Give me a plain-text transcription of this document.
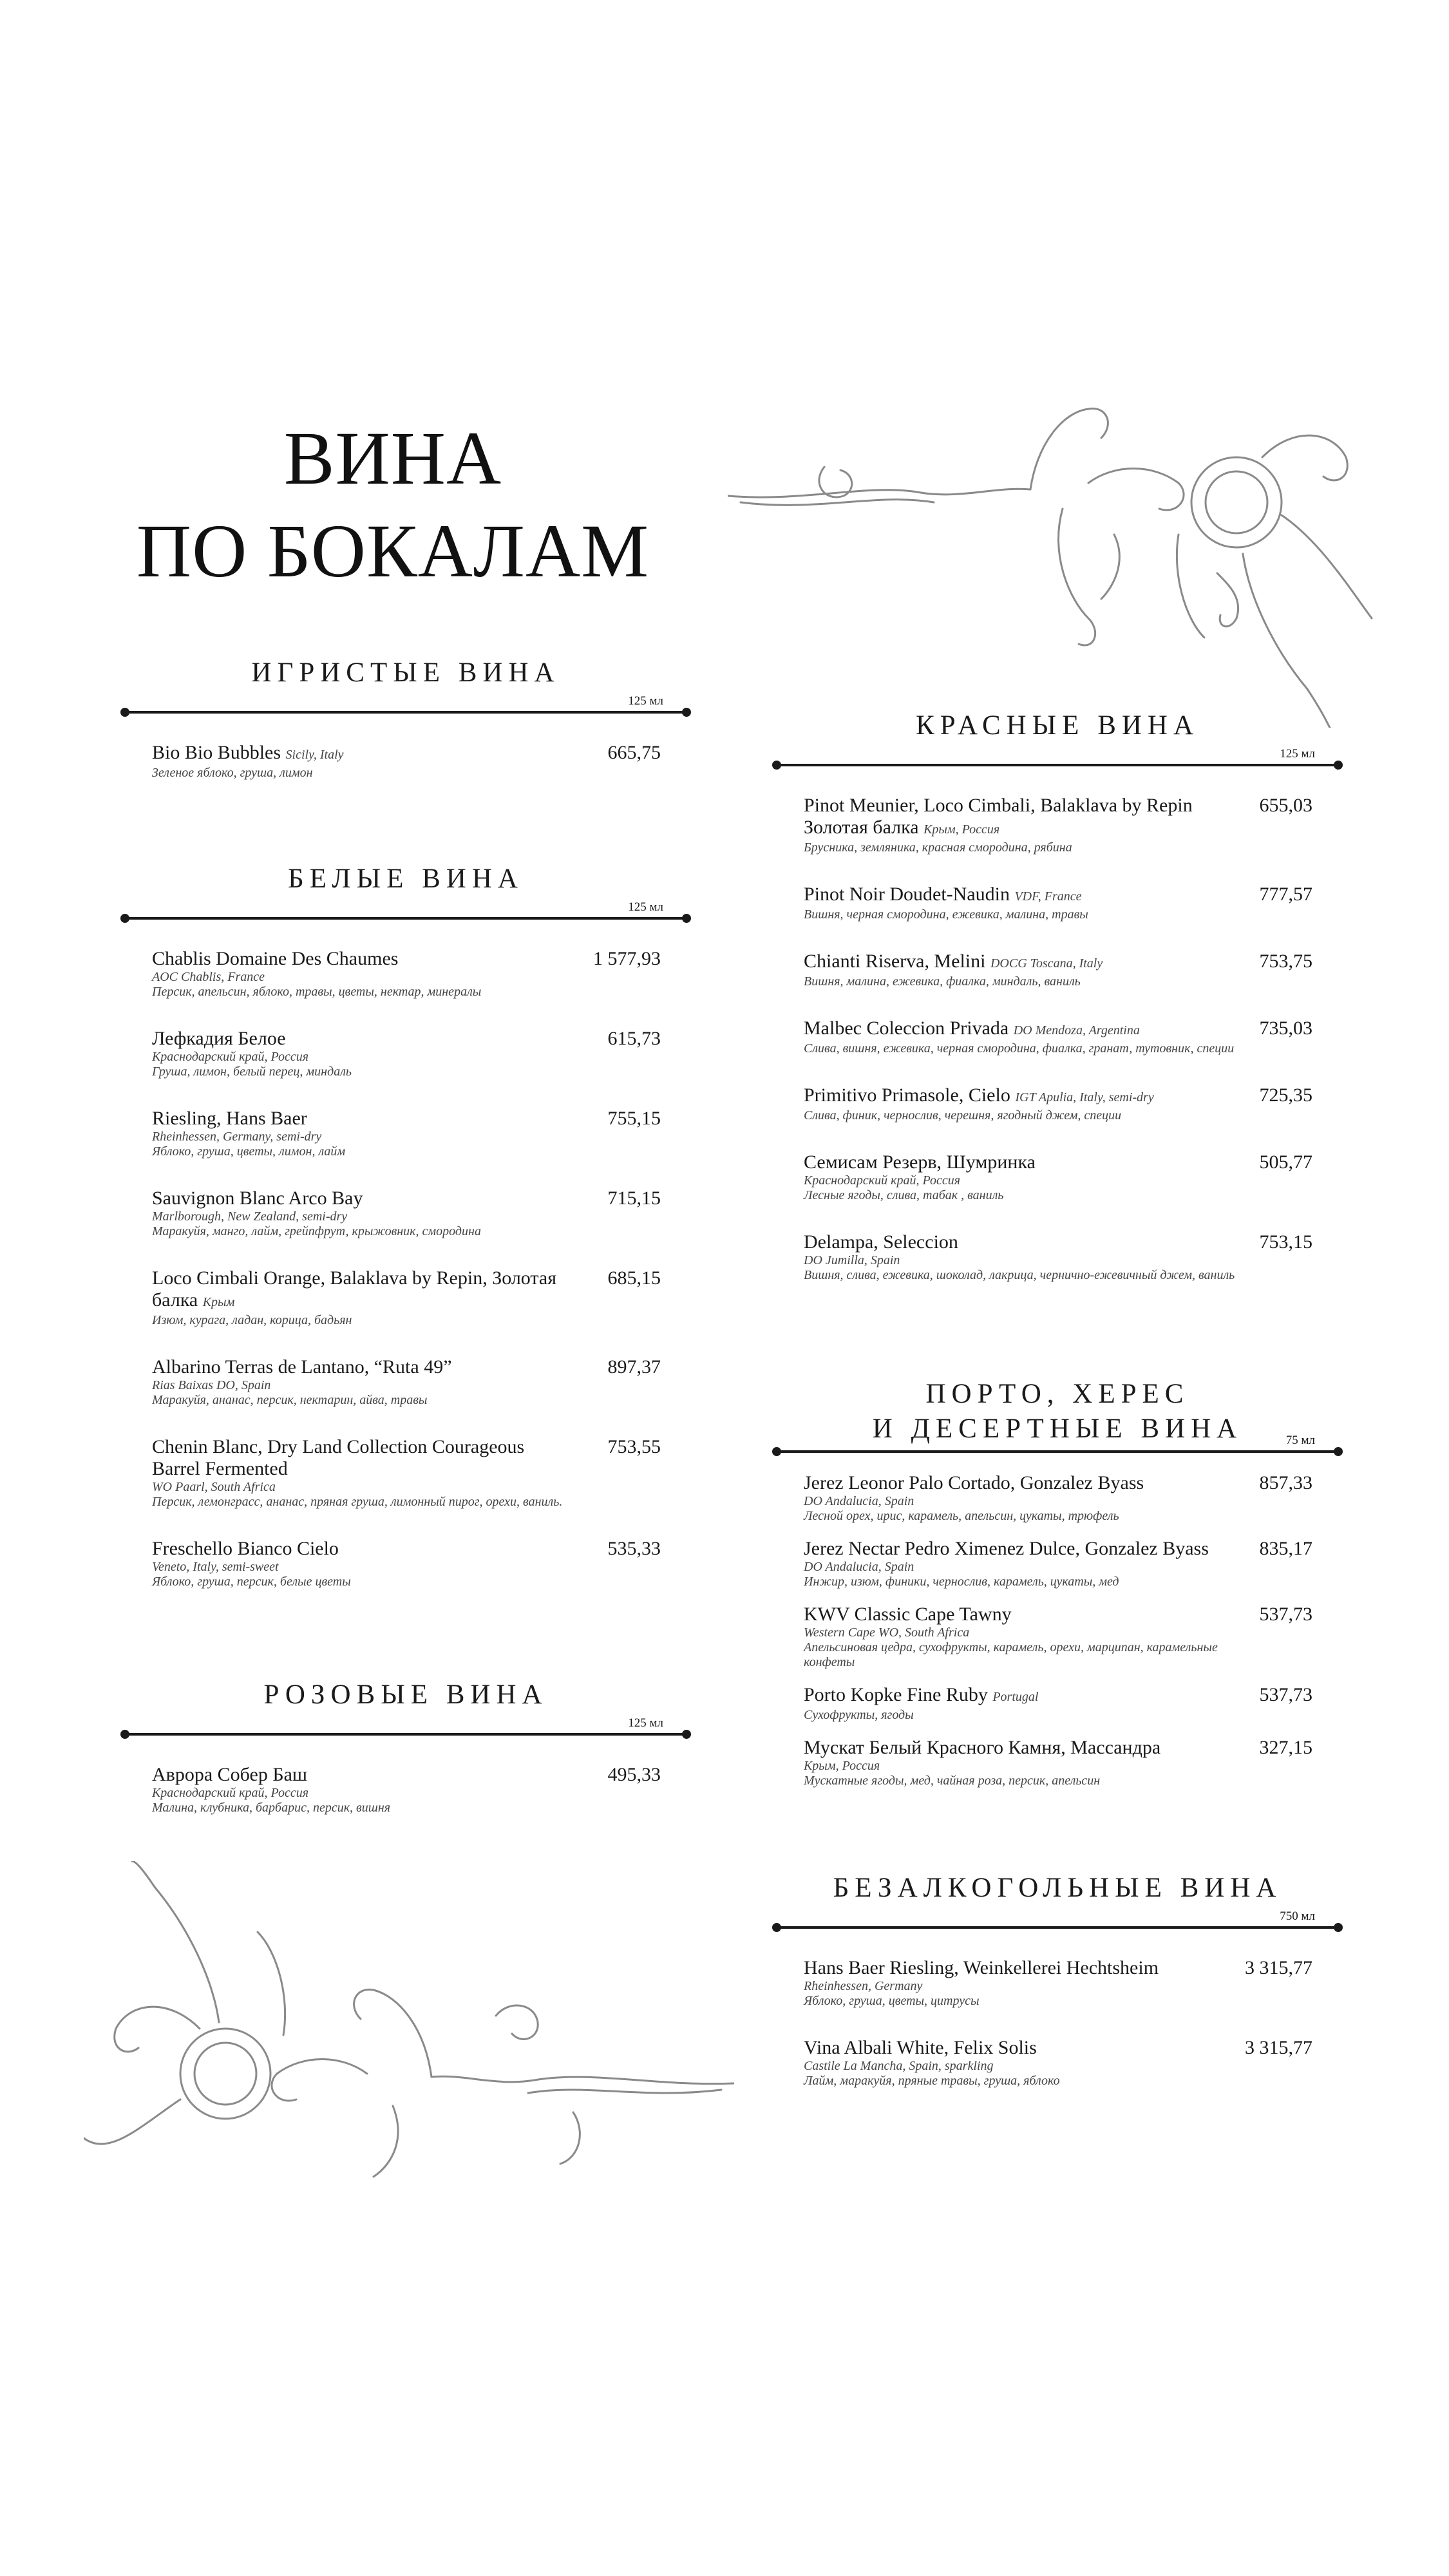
ВИНА
ПО БОКАЛАМ
ИГРИСТЫЕ ВИНА
125 мл
Bio Bio Bubbles Sicily, Italy
Зеленое яблоко, груша, лимон
665,75
БЕЛЫЕ ВИНА
125 мл
Chablis Domaine Des Chaumes
AOC Chablis, France
Персик, апельсин, яблоко, травы, цветы, нектар, минералы
1 577,93
Лефкадия Белое
Краснодарский край, Россия
Груша, лимон, белый перец, миндаль
615,73
Riesling, Hans Baer
Rheinhessen, Germany, semi-dry
Яблоко, груша, цветы, лимон, лайм
755,15
Sauvignon Blanc Arco Bay
Marlborough, New Zealand, semi-dry
Маракуйя, манго, лайм, грейпфрут, крыжовник, смородина
715,15
Loco Cimbali Orange, Balaklava by Repin, Золотая балка Крым
Изюм, курага, ладан, корица, бадьян
685,15
Albarino Terras de Lantano, “Ruta 49”
Rias Baixas DO, Spain
Маракуйя, ананас, персик, нектарин, айва, травы
897,37
Chenin Blanc, Dry Land Collection Courageous Barrel Fermented
WO Paarl, South Africa
Персик, лемонграсс, ананас, пряная груша, лимонный пирог, орехи, ваниль.
753,55
Freschello Bianco Cielo
Veneto, Italy, semi-sweet
Яблоко, груша, персик, белые цветы
535,33
РОЗОВЫЕ ВИНА
125 мл
Аврора Собер Баш
Краснодарский край, Россия
Малина, клубника, барбарис, персик, вишня
495,33
КРАСНЫЕ ВИНА
125 мл
Pinot Meunier, Loco Cimbali, Balaklava by Repin Золотая балка Крым, Россия
Брусника, земляника, красная смородина, рябина
655,03
Pinot Noir Doudet-Naudin VDF, France
Вишня, черная смородина, ежевика, малина, травы
777,57
Chianti Riserva, Melini DOCG Toscana, Italy
Вишня, малина, ежевика, фиалка, миндаль, ваниль
753,75
Malbec Coleccion Privada DO Mendoza, Argentina
Слива, вишня, ежевика, черная смородина, фиалка, гранат, тутовник, специи
735,03
Primitivo Primasole, Cielo IGT Apulia, Italy, semi-dry
Слива, финик, чернослив, черешня, ягодный джем, специи
725,35
Семисам Резерв, Шумринка
Краснодарский край, Россия
Лесные ягоды, слива, табак , ваниль
505,77
Delampa, Seleccion
DO Jumilla, Spain
Вишня, слива, ежевика, шоколад, лакрица, чернично-ежевичный джем, ваниль
753,15
ПОРТО, ХЕРЕС
И ДЕСЕРТНЫЕ ВИНА	75 мл
Jerez Leonor Palo Cortado, Gonzalez Byass
DO Andalucia, Spain
Лесной орех, ирис, карамель, апельсин, цукаты, трюфель
857,33
Jerez Nectar Pedro Ximenez Dulce, Gonzalez Byass
DO Andalucia, Spain
Инжир, изюм, финики, чернослив, карамель, цукаты, мед
835,17
KWV Classic Cape Tawny
Western Cape WO, South Africa
Апельсиновая цедра, сухофрукты, карамель, орехи, марципан, карамельные конфеты
537,73
Porto Kopke Fine Ruby Portugal
Сухофрукты, ягоды
537,73
Мускат Белый Красного Камня, Массандра
Крым, Россия
Мускатные ягоды, мед, чайная роза, персик, апельсин
327,15
БЕЗАЛКОГОЛЬНЫЕ ВИНА
750 мл
Hans Baer Riesling, Weinkellerei Hechtsheim
Rheinhessen, Germany
Яблоко, груша, цветы, цитрусы
3 315,77
Vina Albali White, Felix Solis
Castile La Mancha, Spain, sparkling
Лайм, маракуйя, пряные травы, груша, яблоко
3 315,77
